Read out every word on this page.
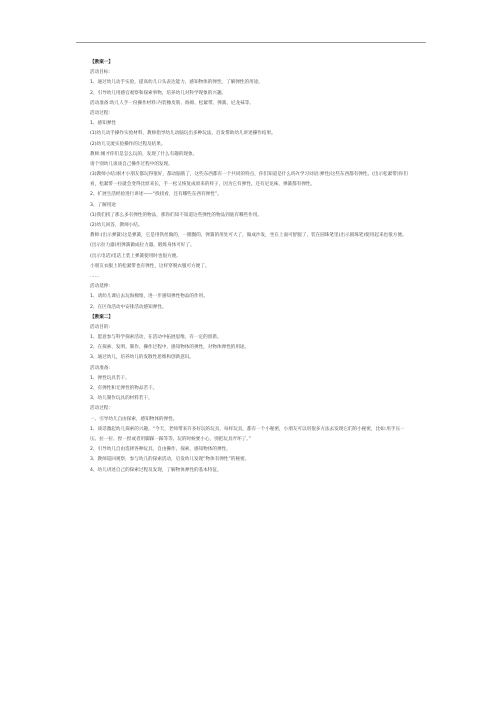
【教案一】
活动目标:
1、通过幼儿动手实验，提高幼儿口头表达能力，感知物体的弹性，了解弹性的用途。
2、引导幼儿用感官观察和探索事物，培养幼儿对科学现象的兴趣。
活动准备:幼儿人手一份操作材料:内装橡皮筋、海绵、松紧带、弹簧、尼龙袜等。
活动过程:
1、感知弹性
(1)幼儿动手操作实验材料，教师指导幼儿动脑玩出多种玩法，启发帮助幼儿讲述操作结果。
(2)幼儿交流实验操作的过程及结果。
教师:刚才你们是怎么玩的，发现了什么有趣的现象。
请个别幼儿谈谈自己操作过程中的发现。
(3)教师小结:刚才小朋友都玩得很好，都动脑筋了，这些东西都有一个共同的特点，你们知道是什么吗?(学习词语:弹性)这些东西都有弹性。(出示松紧带)你们看，松紧带一拉就会变得比原来长，手一松又恢复成原来的样子，因为它有弹性。还有尼龙袜，弹簧都有弹性。
2、扩展生活经验进行讲述——“找找看，还有哪些东西有弹性”。
3、了解用途
(1)我们找了那么多有弹性的物品，那你们知不知道这些弹性的物品到底有哪些作用。
(2)幼儿回答，教师小结。
教师:(出示弹簧)这是弹簧，它是用铁丝做的，一圈圈的，弹簧的用处可大了，做成沙发，坐在上面可舒服了，装在圆珠笔里(出示圆珠笔)使用起来也很方便。
(出示拉力器)用弹簧做成拉力器，锻炼身体可好了。
(出示电话)电话上装上弹簧使用时也很方便。
小朋友衣服上的松紧带也有弹性，这样穿脱衣服可方便了。
……
活动延伸:
1、请幼儿课后去玩海棉堆，进一步感知弹性物品的作用。
2、在区角活动中安排活动感知弹性。
【教案二】
活动目的:
1、愿意参与科学探索活动，在活动中拓展思维，有一定的创新。
2、在探索、发明、制作、操作过程中，感知物体的弹性，对物体弹性的用途。
3、通过幼儿，培养幼儿的发散性思维和创新意识。
活动准备:
1、弹性玩具若干。
2、有弹性和无弹性的物品若干。
3、幼儿制作玩具的材料若干。
活动过程:
一、引导幼儿自由探索，感知物体的弹性。
1、谈话激起幼儿探索的兴趣。“今天，老师带来许多好玩的玩具，每样玩具，都有一个小秘密，小朋友可以用很多方法去发现它们的小秘密，比如:用手压一压、拉一拉、捏一捏或者用脚踩一踩等等。玩的时候要小心，别把玩具弄坏了。”
2、引导幼儿自由选择各种玩具，自由操作、探索，感知物体的弹性。
3、教师巡回观察，参与幼儿的探索活动，启发幼儿发现“物体有弹性”的秘密。
4、幼儿讲述自己的探索过程及发现，了解物体弹性的基本特征。
